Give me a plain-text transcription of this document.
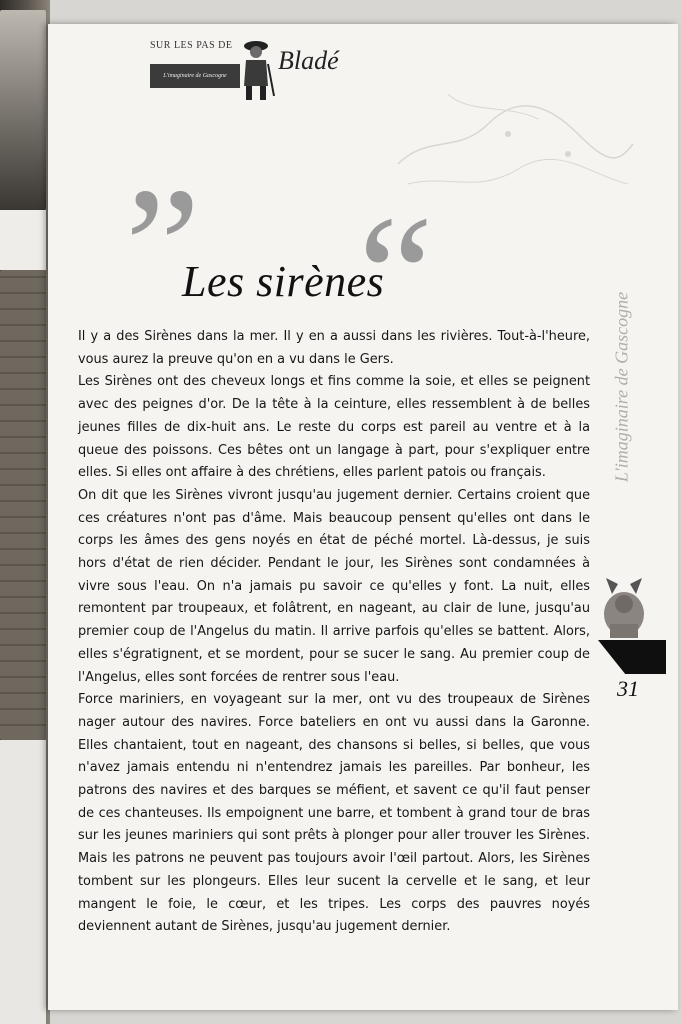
SUR LES PAS DE
L'imaginaire de Gascogne
Bladé
” “
Les sirènes
L'imaginaire de Gascogne
31

Il y a des Sirènes dans la mer. Il y en a aussi dans les rivières. Tout-à-l'heure, vous aurez la preuve qu'on en a vu dans le Gers.

Les Sirènes ont des cheveux longs et fins comme la soie, et elles se peignent avec des peignes d'or. De la tête à la ceinture, elles ressemblent à de belles jeunes filles de dix-huit ans. Le reste du corps est pareil au ventre et à la queue des poissons. Ces bêtes ont un langage à part, pour s'expliquer entre elles. Si elles ont affaire à des chrétiens, elles parlent patois ou français.

On dit que les Sirènes vivront jusqu'au jugement dernier. Certains croient que ces créatures n'ont pas d'âme. Mais beaucoup pensent qu'elles ont dans le corps les âmes des gens noyés en état de péché mortel. Là-dessus, je suis hors d'état de rien décider. Pendant le jour, les Sirènes sont condamnées à vivre sous l'eau. On n'a jamais pu savoir ce qu'elles y font. La nuit, elles remontent par troupeaux, et folâtrent, en nageant, au clair de lune, jusqu'au premier coup de l'Angelus du matin. Il arrive parfois qu'elles se battent. Alors, elles s'égratignent, et se mordent, pour se sucer le sang. Au premier coup de l'Angelus, elles sont forcées de rentrer sous l'eau.

Force mariniers, en voyageant sur la mer, ont vu des troupeaux de Sirènes nager autour des navires. Force bateliers en ont vu aussi dans la Garonne. Elles chantaient, tout en nageant, des chansons si belles, si belles, que vous n'avez jamais entendu ni n'entendrez jamais les pareilles. Par bonheur, les patrons des navires et des barques se méfient, et savent ce qu'il faut penser de ces chanteuses. Ils empoignent une barre, et tombent à grand tour de bras sur les jeunes mariniers qui sont prêts à plonger pour aller trouver les Sirènes. Mais les patrons ne peuvent pas toujours avoir l'œil partout. Alors, les Sirènes tombent sur les plongeurs. Elles leur sucent la cervelle et le sang, et leur mangent le foie, le cœur, et les tripes. Les corps des pauvres noyés deviennent autant de Sirènes, jusqu'au jugement dernier.
